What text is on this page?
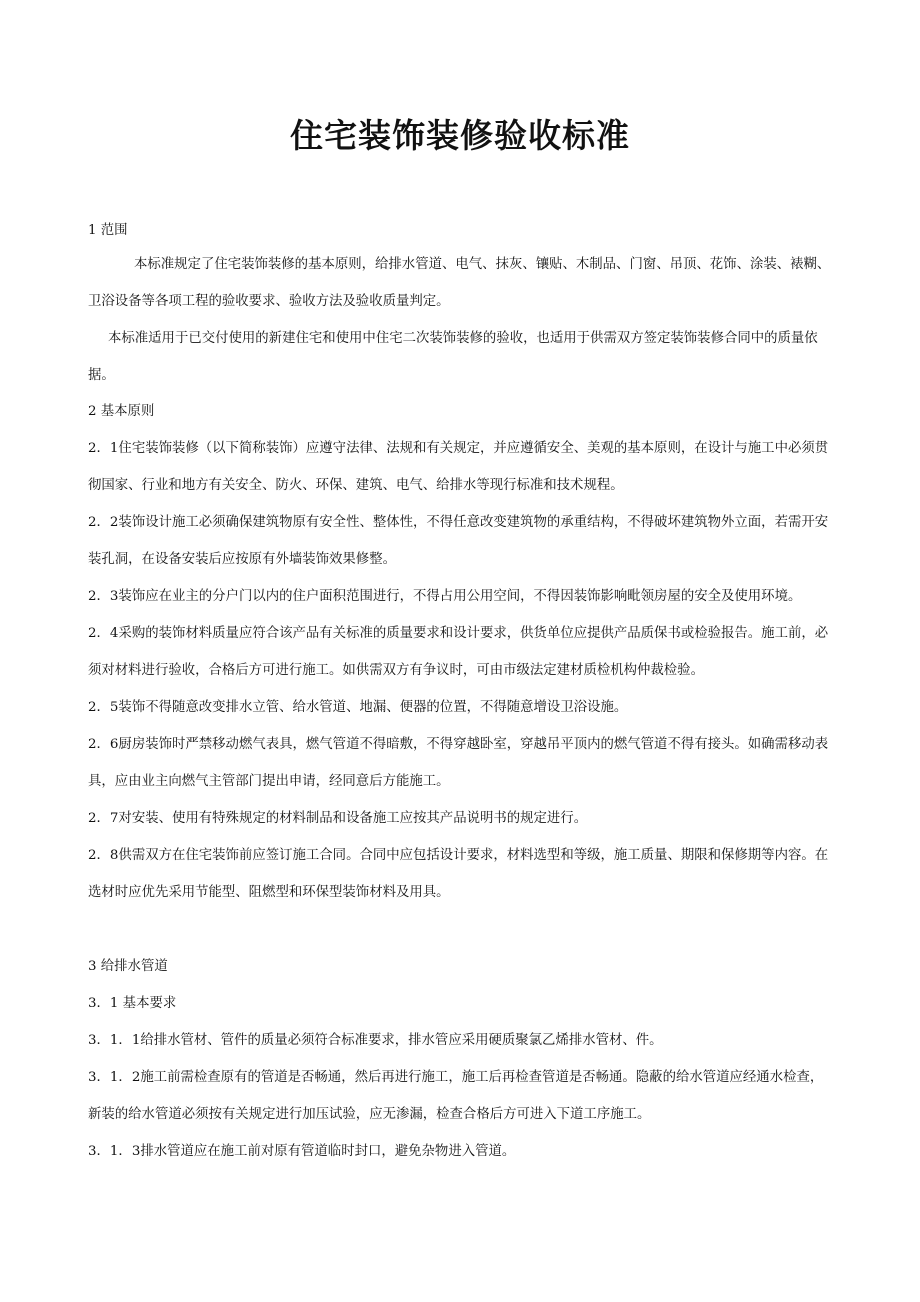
住宅装饰装修验收标准

1 范围

本标准规定了住宅装饰装修的基本原则，给排水管道、电气、抹灰、镶贴、木制品、门窗、吊顶、花饰、涂装、裱糊、卫浴设备等各项工程的验收要求、验收方法及验收质量判定。

本标准适用于已交付使用的新建住宅和使用中住宅二次装饰装修的验收，也适用于供需双方签定装饰装修合同中的质量依据。

2 基本原则

2．1住宅装饰装修（以下简称装饰）应遵守法律、法规和有关规定，并应遵循安全、美观的基本原则，在设计与施工中必须贯彻国家、行业和地方有关安全、防火、环保、建筑、电气、给排水等现行标准和技术规程。

2．2装饰设计施工必须确保建筑物原有安全性、整体性，不得任意改变建筑物的承重结构，不得破坏建筑物外立面，若需开安装孔洞，在设备安装后应按原有外墙装饰效果修整。

2．3装饰应在业主的分户门以内的住户面积范围进行，不得占用公用空间，不得因装饰影响毗领房屋的安全及使用环境。

2．4采购的装饰材料质量应符合该产品有关标准的质量要求和设计要求，供货单位应提供产品质保书或检验报告。施工前，必须对材料进行验收，合格后方可进行施工。如供需双方有争议时，可由市级法定建材质检机构仲裁检验。

2．5装饰不得随意改变排水立管、给水管道、地漏、便器的位置，不得随意增设卫浴设施。

2．6厨房装饰时严禁移动燃气表具，燃气管道不得暗敷，不得穿越卧室，穿越吊平顶内的燃气管道不得有接头。如确需移动表具，应由业主向燃气主管部门提出申请，经同意后方能施工。

2．7对安装、使用有特殊规定的材料制品和设备施工应按其产品说明书的规定进行。

2．8供需双方在住宅装饰前应签订施工合同。合同中应包括设计要求，材料选型和等级，施工质量、期限和保修期等内容。在选材时应优先采用节能型、阻燃型和环保型装饰材料及用具。

3 给排水管道

3．1 基本要求

3．1．1给排水管材、管件的质量必须符合标准要求，排水管应采用硬质聚氯乙烯排水管材、件。

3．1．2施工前需检查原有的管道是否畅通，然后再进行施工，施工后再检查管道是否畅通。隐蔽的给水管道应经通水检查，新装的给水管道必须按有关规定进行加压试验，应无渗漏，检查合格后方可进入下道工序施工。

3．1．3排水管道应在施工前对原有管道临时封口，避免杂物进入管道。
